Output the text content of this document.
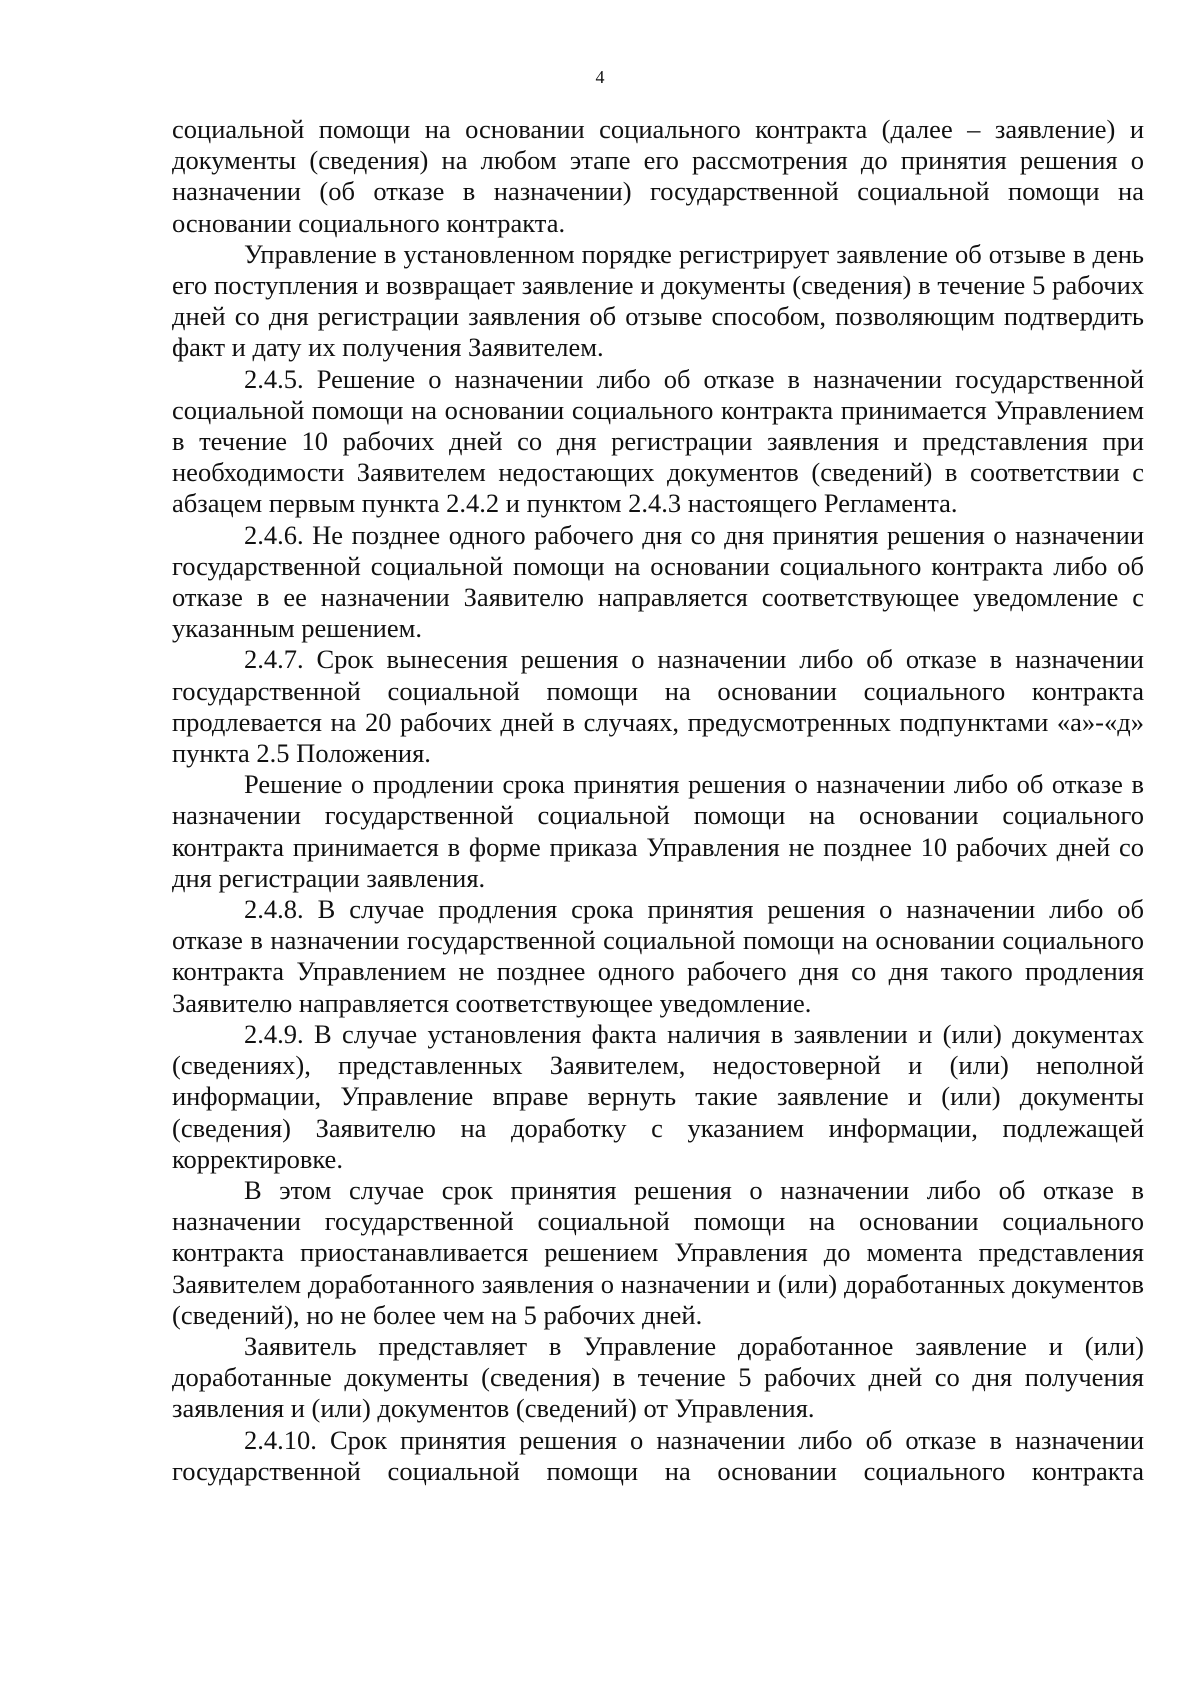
4

социальной помощи на основании социального контракта (далее – заявление) и документы (сведения) на любом этапе его рассмотрения до принятия решения о назначении (об отказе в назначении) государственной социальной помощи на основании социального контракта.

Управление в установленном порядке регистрирует заявление об отзыве в день его поступления и возвращает заявление и документы (сведения) в течение 5 рабочих дней со дня регистрации заявления об отзыве способом, позволяющим подтвердить факт и дату их получения Заявителем.

2.4.5. Решение о назначении либо об отказе в назначении государственной социальной помощи на основании социального контракта принимается Управлением в течение 10 рабочих дней со дня регистрации заявления и представления при необходимости Заявителем недостающих документов (сведений) в соответствии с абзацем первым пункта 2.4.2 и пунктом 2.4.3 настоящего Регламента.

2.4.6. Не позднее одного рабочего дня со дня принятия решения о назначении государственной социальной помощи на основании социального контракта либо об отказе в ее назначении Заявителю направляется соответствующее уведомление с указанным решением.

2.4.7. Срок вынесения решения о назначении либо об отказе в назначении государственной социальной помощи на основании социального контракта продлевается на 20 рабочих дней в случаях, предусмотренных подпунктами «а»-«д» пункта 2.5 Положения.

Решение о продлении срока принятия решения о назначении либо об отказе в назначении государственной социальной помощи на основании социального контракта принимается в форме приказа Управления не позднее 10 рабочих дней со дня регистрации заявления.

2.4.8. В случае продления срока принятия решения о назначении либо об отказе в назначении государственной социальной помощи на основании социального контракта Управлением не позднее одного рабочего дня со дня такого продления Заявителю направляется соответствующее уведомление.

2.4.9. В случае установления факта наличия в заявлении и (или) документах (сведениях), представленных Заявителем, недостоверной и (или) неполной информации, Управление вправе вернуть такие заявление и (или) документы (сведения) Заявителю на доработку с указанием информации, подлежащей корректировке.

В этом случае срок принятия решения о назначении либо об отказе в назначении государственной социальной помощи на основании социального контракта приостанавливается решением Управления до момента представления Заявителем доработанного заявления о назначении и (или) доработанных документов (сведений), но не более чем на 5 рабочих дней.

Заявитель представляет в Управление доработанное заявление и (или) доработанные документы (сведения) в течение 5 рабочих дней со дня получения заявления и (или) документов (сведений) от Управления.

2.4.10. Срок принятия решения о назначении либо об отказе в назначении государственной социальной помощи на основании социального контракта
